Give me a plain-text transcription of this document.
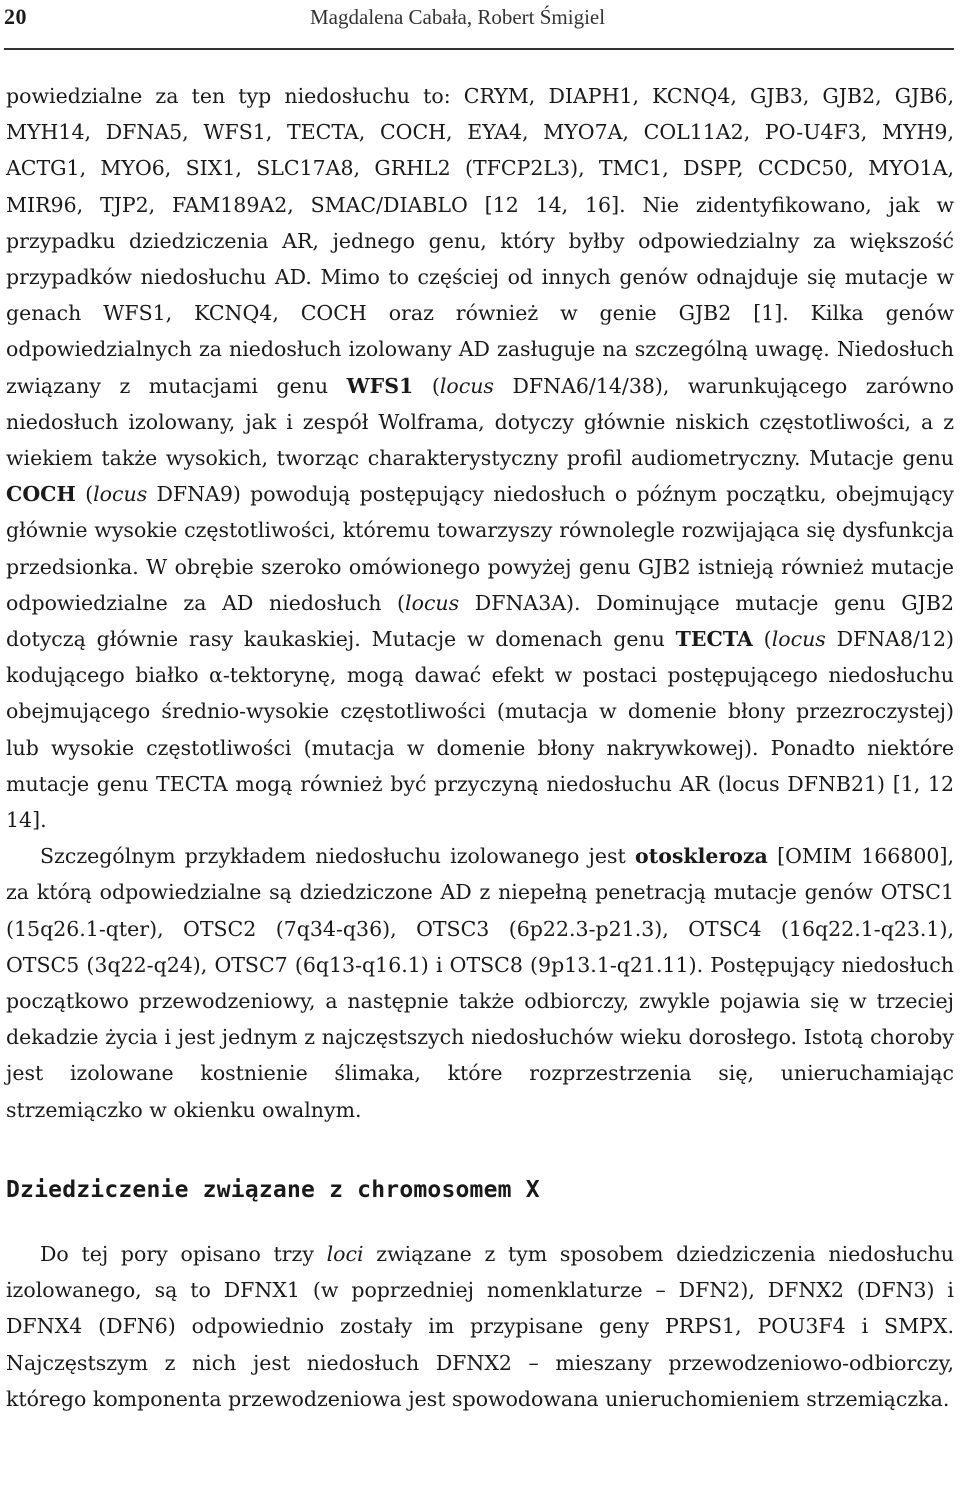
20	Magdalena Cabała, Robert Śmigiel

powiedzialne za ten typ niedosłuchu to: CRYM, DIAPH1, KCNQ4, GJB3, GJB2, GJB6, MYH14, DFNA5, WFS1, TECTA, COCH, EYA4, MYO7A, COL11A2, PO-U4F3, MYH9, ACTG1, MYO6, SIX1, SLC17A8, GRHL2 (TFCP2L3), TMC1, DSPP, CCDC50, MYO1A, MIR96, TJP2, FAM189A2, SMAC/DIABLO [12 14, 16]. Nie zidentyfikowano, jak w przypadku dziedziczenia AR, jednego genu, który byłby odpowiedzialny za większość przypadków niedosłuchu AD. Mimo to częściej od innych genów odnajduje się mutacje w genach WFS1, KCNQ4, COCH oraz również w genie GJB2 [1]. Kilka genów odpowiedzialnych za niedosłuch izolowany AD zasługuje na szczególną uwagę. Niedosłuch związany z mutacjami genu WFS1 (locus DFNA6/14/38), warunkującego zarówno niedosłuch izolowany, jak i zespół Wolframa, dotyczy głównie niskich częstotliwości, a z wiekiem także wysokich, tworząc charakterystyczny profil audiometryczny. Mutacje genu COCH (locus DFNA9) powodują postępujący niedosłuch o późnym początku, obejmujący głównie wysokie częstotliwości, któremu towarzyszy równolegle rozwijająca się dysfunkcja przedsionka. W obrębie szeroko omówionego powyżej genu GJB2 istnieją również mutacje odpowiedzialne za AD niedosłuch (locus DFNA3A). Dominujące mutacje genu GJB2 dotyczą głównie rasy kaukaskiej. Mutacje w domenach genu TECTA (locus DFNA8/12) kodującego białko α-tektorynę, mogą dawać efekt w postaci postępującego niedosłuchu obejmującego średnio-wysokie częstotliwości (mutacja w domenie błony przezroczystej) lub wysokie częstotliwości (mutacja w domenie błony nakrywkowej). Ponadto niektóre mutacje genu TECTA mogą również być przyczyną niedosłuchu AR (locus DFNB21) [1, 12 14].

Szczególnym przykładem niedosłuchu izolowanego jest otoskleroza [OMIM 166800], za którą odpowiedzialne są dziedziczone AD z niepełną penetracją mutacje genów OTSC1 (15q26.1-qter), OTSC2 (7q34-q36), OTSC3 (6p22.3-p21.3), OTSC4 (16q22.1-q23.1), OTSC5 (3q22-q24), OTSC7 (6q13-q16.1) i OTSC8 (9p13.1-q21.11). Postępujący niedosłuch początkowo przewodzeniowy, a następnie także odbiorczy, zwykle pojawia się w trzeciej dekadzie życia i jest jednym z najczęstszych niedosłuchów wieku dorosłego. Istotą choroby jest izolowane kostnienie ślimaka, które rozprzestrzenia się, unieruchamiając strzemiączko w okienku owalnym.

Dziedziczenie związane z chromosomem X

Do tej pory opisano trzy loci związane z tym sposobem dziedziczenia niedosłuchu izolowanego, są to DFNX1 (w poprzedniej nomenklaturze – DFN2), DFNX2 (DFN3) i DFNX4 (DFN6) odpowiednio zostały im przypisane geny PRPS1, POU3F4 i SMPX. Najczęstszym z nich jest niedosłuch DFNX2 – mieszany przewodzeniowo-odbiorczy, którego komponenta przewodzeniowa jest spowodowana unieruchomieniem strzemiączka.
